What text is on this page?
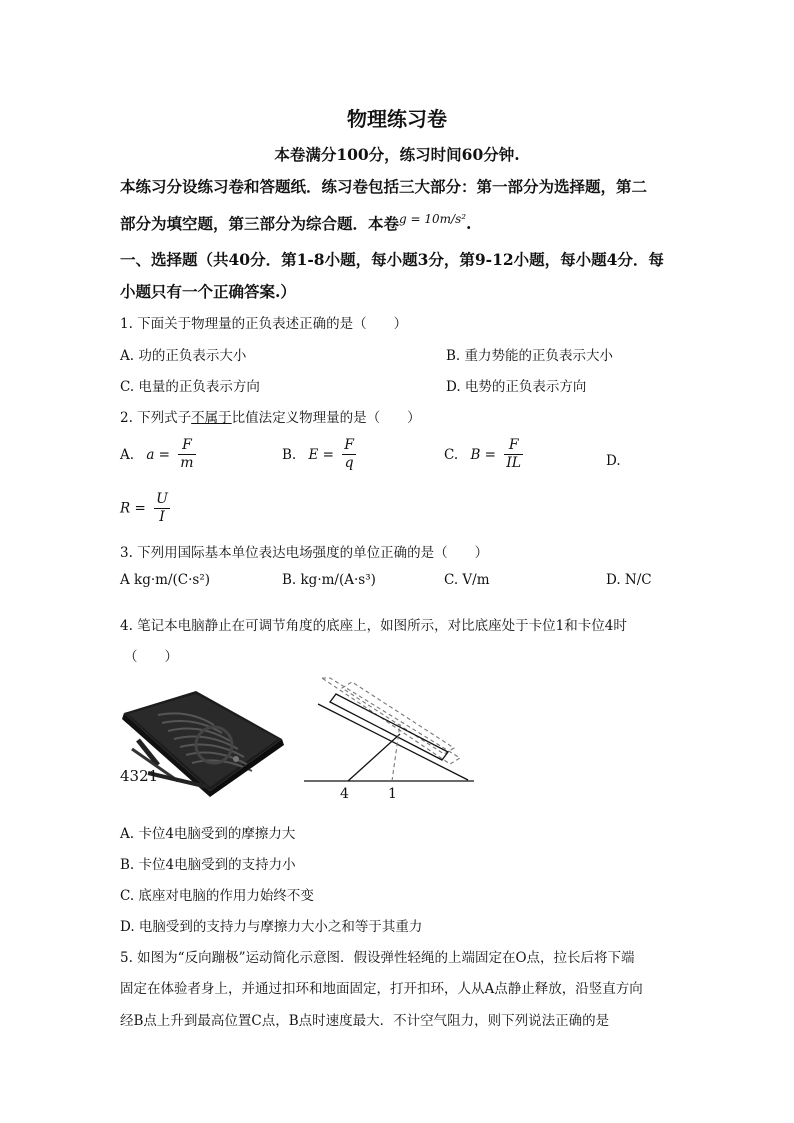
物理练习卷
本卷满分100分，练习时间60分钟.
本练习分设练习卷和答题纸．练习卷包括三大部分：第一部分为选择题，第二
部分为填空题，第三部分为综合题．本卷$^{g = 10m/s^2}$.
一、选择题（共40分．第1-8小题，每小题3分，第9-12小题，每小题4分．每
小题只有一个正确答案.）
1. 下面关于物理量的正负表述正确的是（　　）
A. 功的正负表示大小	B. 重力势能的正负表示大小
C. 电量的正负表示方向	D. 电势的正负表示方向
2. 下列式子不属于比值法定义物理量的是（　　）
A. $a = \frac{F}{m}$	B. $E = \frac{F}{q}$	C. $B = \frac{F}{IL}$	D.
$R = \frac{U}{I}$
3. 下列用国际基本单位表达电场强度的单位正确的是（　　）
A kg·m/(C·s²)	B. kg·m/(A·s³)	C. V/m	D. N/C
4. 笔记本电脑静止在可调节角度的底座上，如图所示，对比底座处于卡位1和卡位4时
（　　）
4321
4	1
A. 卡位4电脑受到的摩擦力大
B. 卡位4电脑受到的支持力小
C. 底座对电脑的作用力始终不变
D. 电脑受到的支持力与摩擦力大小之和等于其重力
5. 如图为“反向蹦极”运动简化示意图．假设弹性轻绳的上端固定在O点，拉长后将下端
固定在体验者身上，并通过扣环和地面固定，打开扣环，人从A点静止释放，沿竖直方向
经B点上升到最高位置C点，B点时速度最大．不计空气阻力，则下列说法正确的是
